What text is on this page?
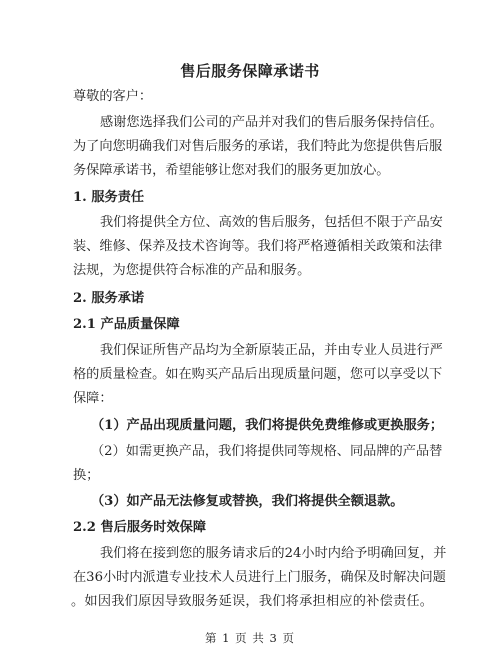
售后服务保障承诺书
尊敬的客户：
感谢您选择我们公司的产品并对我们的售后服务保持信任。
为了向您明确我们对售后服务的承诺，我们特此为您提供售后服
务保障承诺书，希望能够让您对我们的服务更加放心。
1. 服务责任
我们将提供全方位、高效的售后服务，包括但不限于产品安
装、维修、保养及技术咨询等。我们将严格遵循相关政策和法律
法规，为您提供符合标准的产品和服务。
2. 服务承诺
2.1 产品质量保障
我们保证所售产品均为全新原装正品，并由专业人员进行严
格的质量检查。如在购买产品后出现质量问题，您可以享受以下
保障：
（1）产品出现质量问题，我们将提供免费维修或更换服务；
（2）如需更换产品，我们将提供同等规格、同品牌的产品替
换；
（3）如产品无法修复或替换，我们将提供全额退款。
2.2 售后服务时效保障
我们将在接到您的服务请求后的24小时内给予明确回复，并
在36小时内派遣专业技术人员进行上门服务，确保及时解决问题
。如因我们原因导致服务延误，我们将承担相应的补偿责任。
第 1 页 共 3 页
